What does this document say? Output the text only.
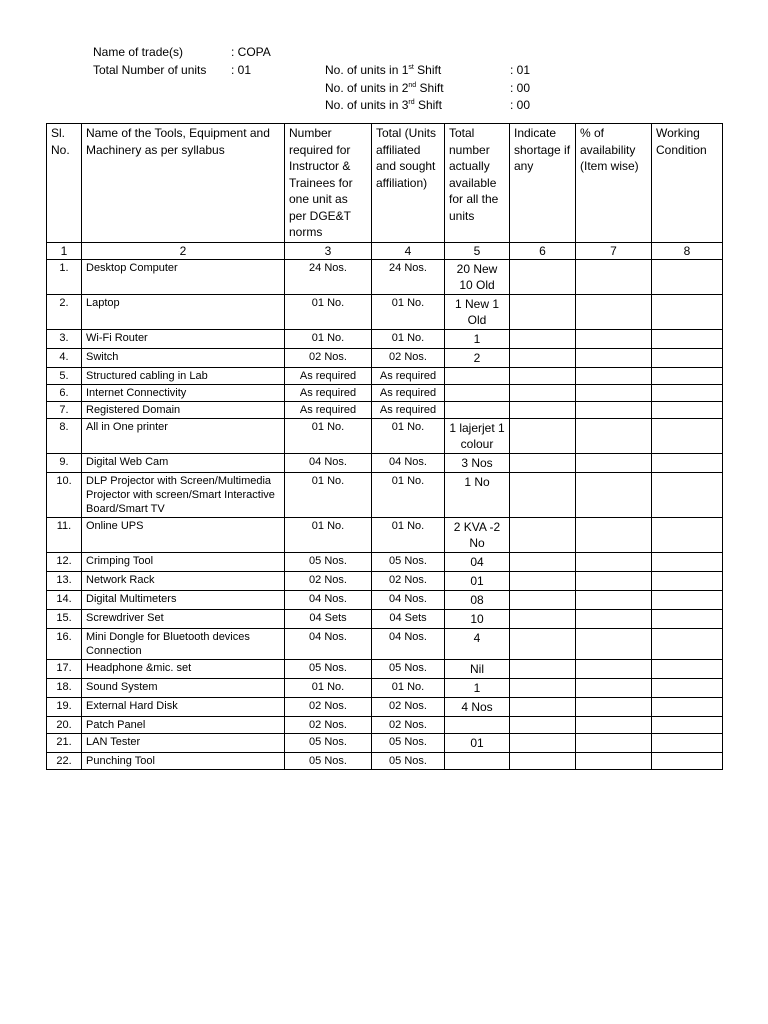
Name of trade(s)	: COPA
Total Number of units : 01	No. of units in 1st Shift	: 01
No. of units in 2nd Shift	: 00
No. of units in 3rd Shift	: 00
Sl. No.	Name of the Tools, Equipment and Machinery as per syllabus	Number required for Instructor & Trainees for one unit as per DGE&T norms	Total (Units affiliated and sought affiliation)	Total number actually available for all the units	Indicate shortage if any	% of availability (Item wise)	Working Condition
1	2	3	4	5	6	7	8
1.	Desktop Computer	24 Nos.	24 Nos.	20 New 10 Old			
2.	Laptop	01 No.	01 No.	1 New 1 Old			
3.	Wi-Fi Router	01 No.	01 No.	1			
4.	Switch	02 Nos.	02 Nos.	2			
5.	Structured cabling in Lab	As required	As required				
6.	Internet Connectivity	As required	As required				
7.	Registered Domain	As required	As required				
8.	All in One printer	01 No.	01 No.	1 lajerjet 1 colour			
9.	Digital Web Cam	04 Nos.	04 Nos.	3 Nos			
10.	DLP Projector with Screen/Multimedia Projector with screen/Smart Interactive Board/Smart TV	01 No.	01 No.	1 No			
11.	Online UPS	01 No.	01 No.	2 KVA -2 No			
12.	Crimping Tool	05 Nos.	05 Nos.	04			
13.	Network Rack	02 Nos.	02 Nos.	01			
14.	Digital Multimeters	04 Nos.	04 Nos.	08			
15.	Screwdriver Set	04 Sets	04 Sets	10			
16.	Mini Dongle for Bluetooth devices Connection	04 Nos.	04 Nos.	4			
17.	Headphone &mic. set	05 Nos.	05 Nos.	Nil			
18.	Sound System	01 No.	01 No.	1			
19.	External Hard Disk	02 Nos.	02 Nos.	4 Nos			
20.	Patch Panel	02 Nos.	02 Nos.				
21.	LAN Tester	05 Nos.	05 Nos.	01			
22.	Punching Tool	05 Nos.	05 Nos.				
